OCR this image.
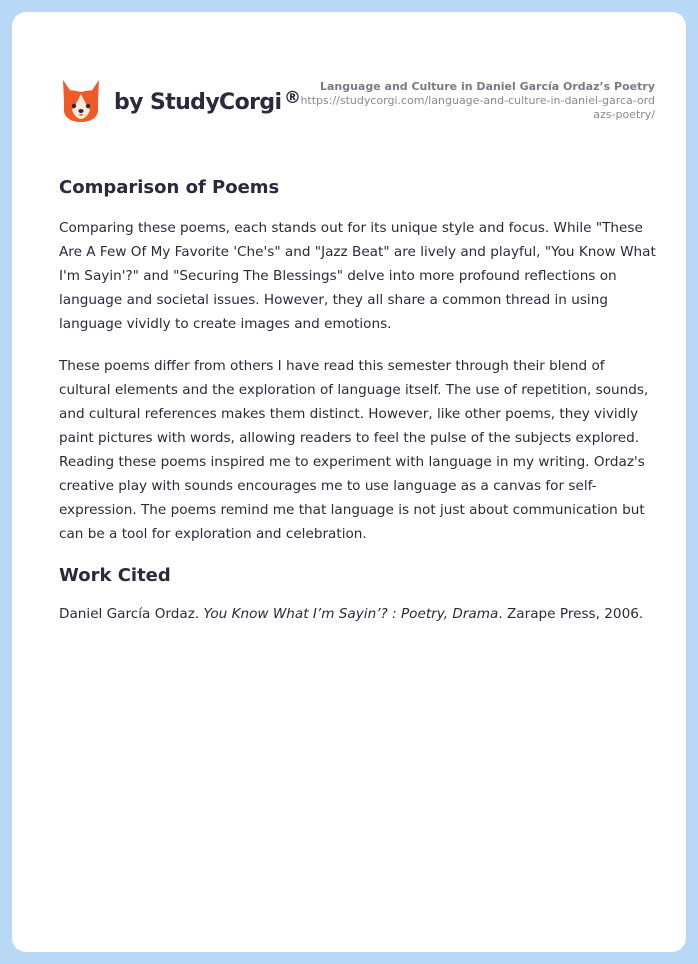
by StudyCorgi ®
Language and Culture in Daniel García Ordaz’s Poetry
https://studycorgi.com/language-and-culture-in-daniel-garca-ordazs-poetry/
Comparison of Poems

Comparing these poems, each stands out for its unique style and focus. While "These Are A Few Of My Favorite 'Che's" and "Jazz Beat" are lively and playful, "You Know What I'm Sayin'?" and "Securing The Blessings" delve into more profound reflections on language and societal issues. However, they all share a common thread in using language vividly to create images and emotions.

These poems differ from others I have read this semester through their blend of cultural elements and the exploration of language itself. The use of repetition, sounds, and cultural references makes them distinct. However, like other poems, they vividly paint pictures with words, allowing readers to feel the pulse of the subjects explored. Reading these poems inspired me to experiment with language in my writing. Ordaz's creative play with sounds encourages me to use language as a canvas for self-expression. The poems remind me that language is not just about communication but can be a tool for exploration and celebration.

Work Cited

Daniel García Ordaz. You Know What I’m Sayin’? : Poetry, Drama. Zarape Press, 2006.
